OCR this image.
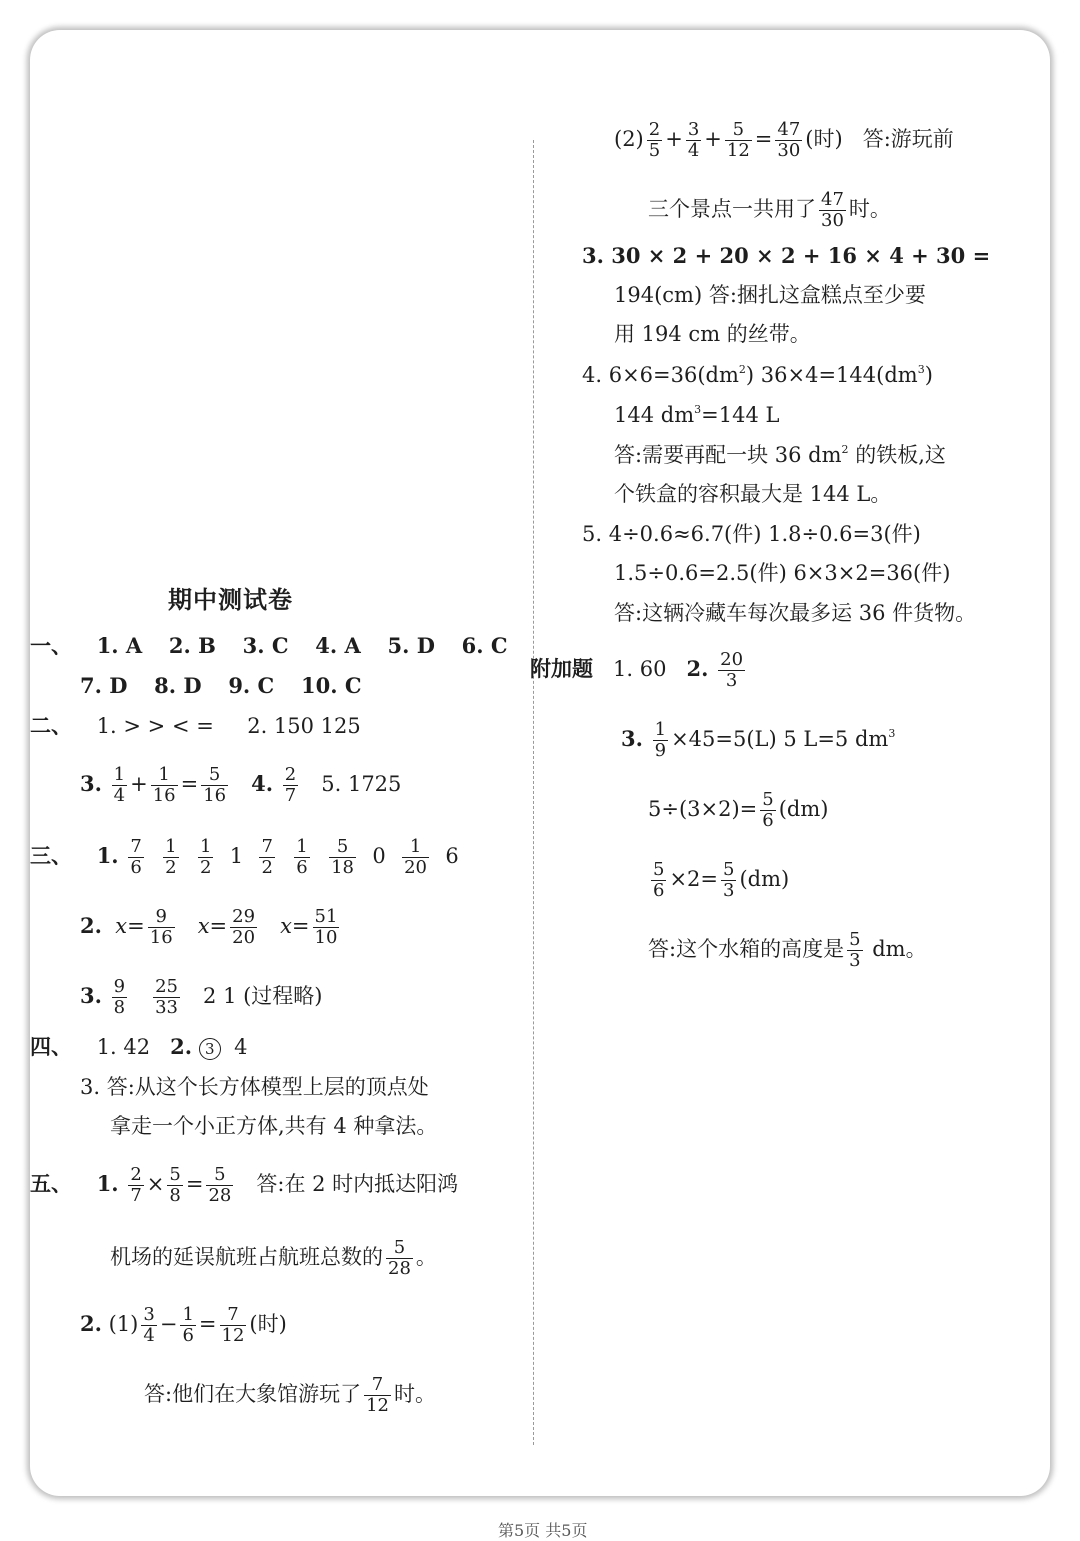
期中测试卷
一、 1. A 2. B 3. C 4. A 5. D 6. C
7. D 8. D 9. C 10. C
二、 1. > > < = 2. 150 125
3. $\frac{1}{4} + \frac{1}{16} = \frac{5}{16} 4$. $\frac{2}{7} 5$. 1725
三、 1. $\frac{7}{6}$
$\frac{1}{2}$
$\frac{1}{2} 1 \frac{7}{2}$
$\frac{1}{6}$
$\frac{5}{18} 0 \frac{1}{20} 6$
2. $x= \frac{9}{16} x= \frac{29}{20} x= \frac{51}{10}$
3. $\frac{9}{8}$
$\frac{25}{33} 2$ 1 (过程略)
四、 1. 42 2. 3 4
3. 答:从这个长方体模型上层的顶点处
拿走一个小正方体,共有 4 种拿法。
五、 1. $\frac{2}{7} \times \frac{5}{8} = \frac{5}{28}$ 答:在 2 时内抵达阳鸿
机场的延误航班占航班总数的 $\frac{5}{28}$ 。
2. $(1) \frac{3}{4} - \frac{1}{6} = \frac{7}{12}$ (时)
答:他们在大象馆游玩了 $\frac{7}{12}$ 时。
$(2) \frac{2}{5} + \frac{3}{4} + \frac{5}{12} = \frac{47}{30}$ (时) 答:游玩前
三个景点一共用了 $\frac{47}{30}$ 时。
3. 30 × 2 + 20 × 2 + 16 × 4 + 30 =
194(cm) 答:捆扎这盒糕点至少要
用 194 cm 的丝带。
4. $6\times 6=36(dm^2)$ $36\times 4=144(dm^3)$
144 $dm^3=144$ L
答:需要再配一块 36 $dm^2$ 的铁板,这
个铁盒的容积最大是 144 L。
5. 4÷0.6≈6.7(件) 1.8÷0.6=3(件)
1.5÷0.6=2.5(件) 6×3×2=36(件)
答:这辆冷藏车每次最多运 36 件货物。
附加题 1. 60 2. $\frac{20}{3}$
3. $\frac{1}{9} \times 45=5(L)$ 5 L=5 $dm^3$
$5\div(3\times 2)= \frac{5}{6} (dm)$
$\frac{5}{6} \times 2= \frac{5}{3} (dm)$
答:这个水箱的高度是 $\frac{5}{3}$ dm。
第5页 共5页
